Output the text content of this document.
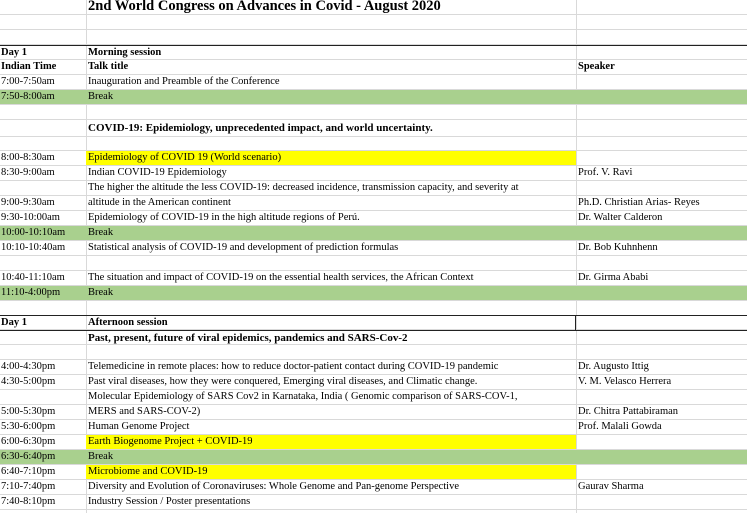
2nd World Congress on Advances in Covid - August 2020
Day 1	Morning session
Indian Time	Talk title	Speaker
7:00-7:50am	Inauguration and Preamble of the Conference
7:50-8:00am	Break
COVID-19: Epidemiology, unprecedented impact, and world uncertainty.
8:00-8:30am	Epidemiology of COVID 19 (World scenario)
8:30-9:00am	Indian COVID-19 Epidemiology	Prof. V. Ravi
The higher the altitude the less COVID-19: decreased incidence, transmission capacity, and severity at
9:00-9:30am	altitude in the American continent	Ph.D. Christian Arias- Reyes
9:30-10:00am	Epidemiology of COVID-19 in the high altitude regions of Perú.	Dr. Walter Calderon
10:00-10:10am	Break
10:10-10:40am	Statistical analysis of COVID-19 and development of prediction formulas	Dr. Bob Kuhnhenn
10:40-11:10am	The situation and impact of COVID-19 on the essential health services, the African Context	Dr. Girma Ababi
11:10-4:00pm	Break
Day 1	Afternoon session
Past, present, future of viral epidemics, pandemics and SARS-Cov-2
4:00-4:30pm	Telemedicine in remote places: how to reduce doctor-patient contact during COVID-19 pandemic	Dr. Augusto Ittig
4:30-5:00pm	Past viral diseases, how they were conquered, Emerging viral diseases, and Climatic change.	V. M. Velasco Herrera
Molecular Epidemiology of SARS Cov2 in Karnataka, India ( Genomic comparison of SARS-COV-1,
5:00-5:30pm	MERS and SARS-COV-2)	Dr. Chitra Pattabiraman
5:30-6:00pm	Human Genome Project	Prof. Malali Gowda
6:00-6:30pm	Earth Biogenome Project + COVID-19
6:30-6:40pm	Break
6:40-7:10pm	Microbiome and COVID-19
7:10-7:40pm	Diversity and Evolution of Coronaviruses: Whole Genome and Pan-genome Perspective	Gaurav Sharma
7:40-8:10pm	Industry Session / Poster presentations
